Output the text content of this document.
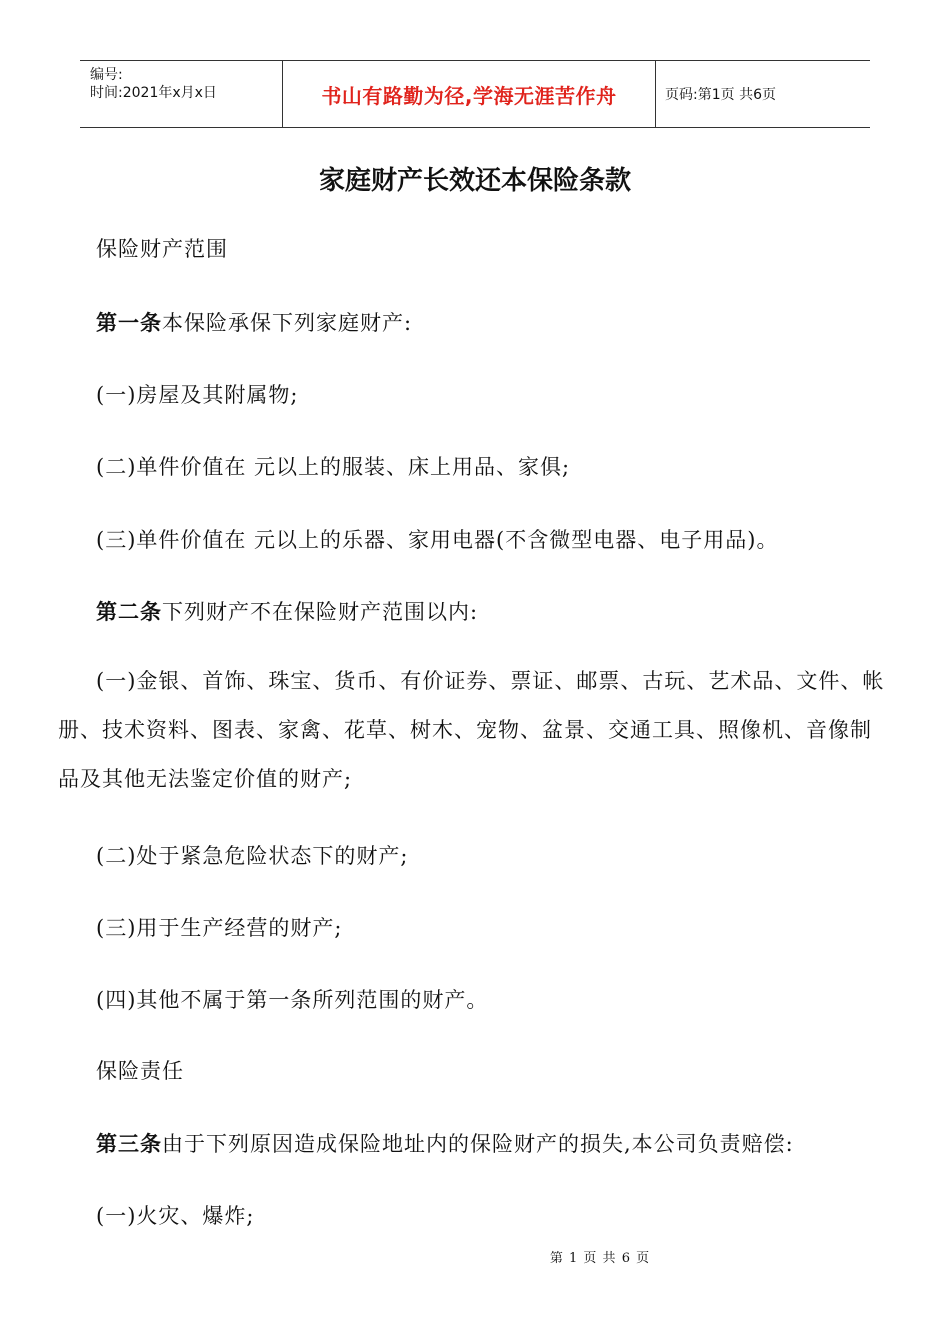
编号:
时间:2021年x月x日	书山有路勤为径,学海无涯苦作舟	页码:第1页 共6页
家庭财产长效还本保险条款
保险财产范围
第一条本保险承保下列家庭财产:
(一)房屋及其附属物;
(二)单件价值在 元以上的服装、床上用品、家俱;
(三)单件价值在 元以上的乐器、家用电器(不含微型电器、电子用品)。
第二条下列财产不在保险财产范围以内:
(一)金银、首饰、珠宝、货币、有价证券、票证、邮票、古玩、艺术品、文件、帐册、技术资料、图表、家禽、花草、树木、宠物、盆景、交通工具、照像机、音像制品及其他无法鉴定价值的财产;
(二)处于紧急危险状态下的财产;
(三)用于生产经营的财产;
(四)其他不属于第一条所列范围的财产。
保险责任
第三条由于下列原因造成保险地址内的保险财产的损失,本公司负责赔偿:
(一)火灾、爆炸;
第 1 页 共 6 页
